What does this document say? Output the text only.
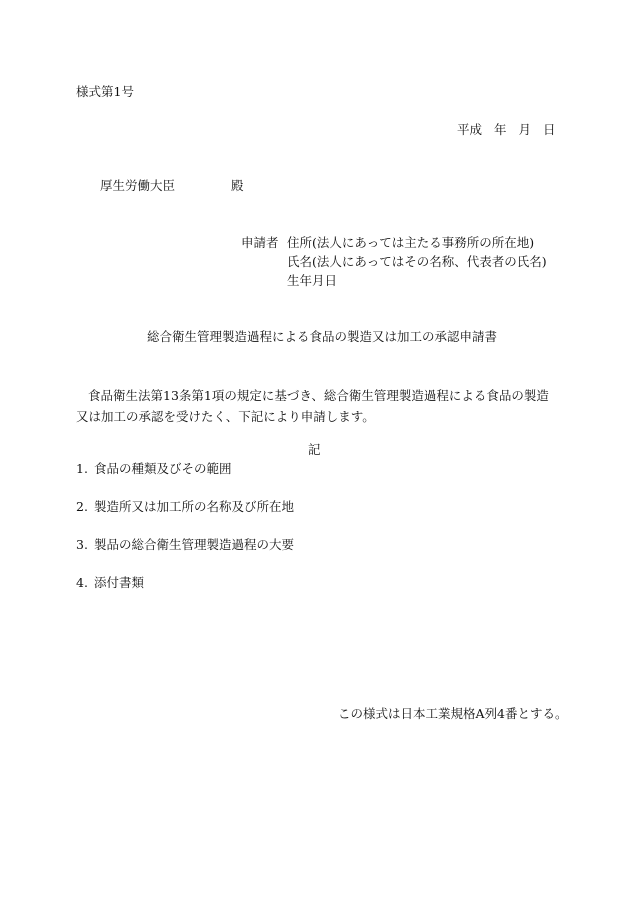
様式第1号
平成 年 月 日
厚生労働大臣	殿
申請者 住所(法人にあっては主たる事務所の所在地)
氏名(法人にあってはその名称、代表者の氏名)
生年月日
総合衛生管理製造過程による食品の製造又は加工の承認申請書
食品衛生法第13条第1項の規定に基づき、総合衛生管理製造過程による食品の製造又は加工の承認を受けたく、下記により申請します。
記
1. 食品の種類及びその範囲
2. 製造所又は加工所の名称及び所在地
3. 製品の総合衛生管理製造過程の大要
4. 添付書類
この様式は日本工業規格A列4番とする。
